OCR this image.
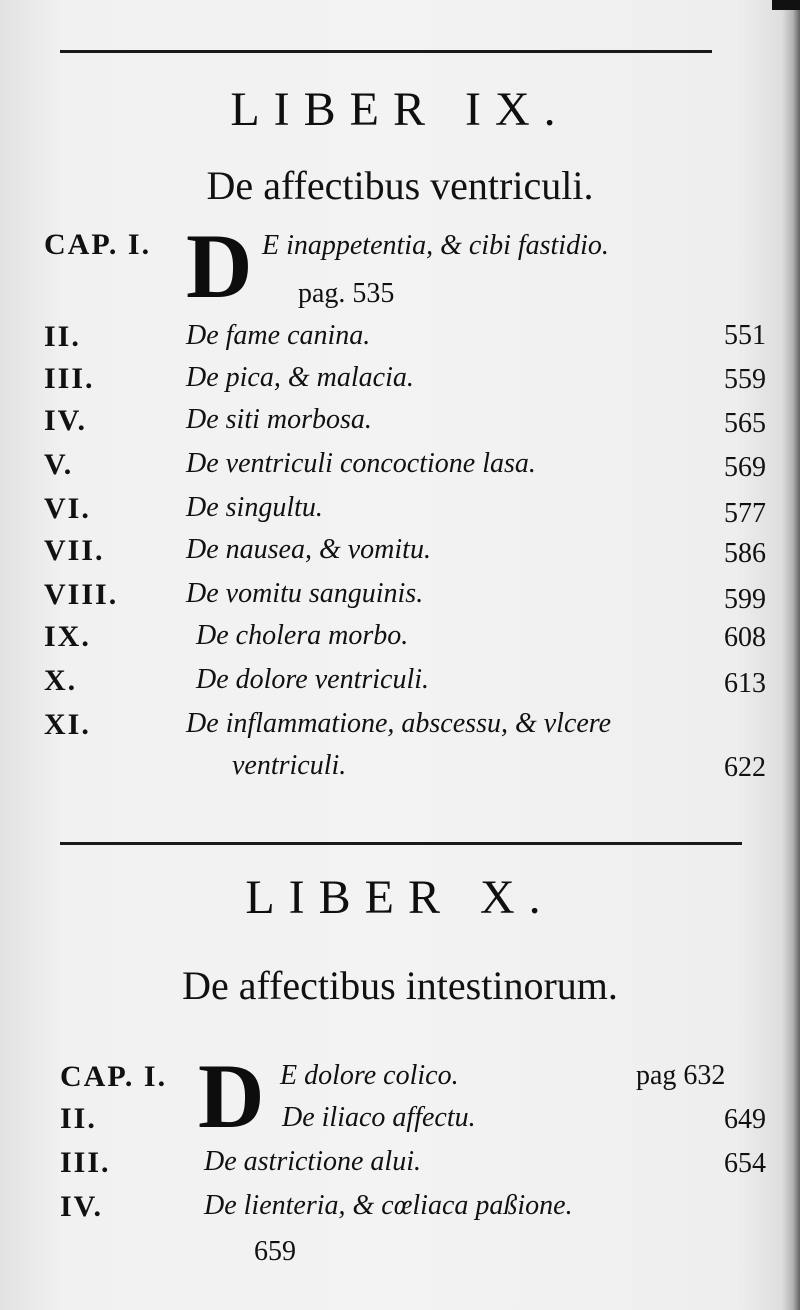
LIBER IX.
De affectibus ventriculi.
CAP. I. D E inappetentia, & cibi fastidio.
pag. 535
II.	De fame canina.	551
III.	De pica, & malacia.	559
IV.	De siti morbosa.	565
V.	De ventriculi concoctione lasa.	569
VI.	De singultu.	577
VII.	De nausea, & vomitu.	586
VIII. De vomitu sanguinis.	599
IX.	De cholera morbo.	608
X.	De dolore ventriculi.	613
XI.	De inflammatione, abscessu, & vlcere
ventriculi.	622
LIBER X.
De affectibus intestinorum.
CAP. I. D E dolore colico.	pag 632
II.	De iliaco affectu.	649
III.	De astrictione alui.	654
IV.	De lienteria, & cœliaca paßione.
659
